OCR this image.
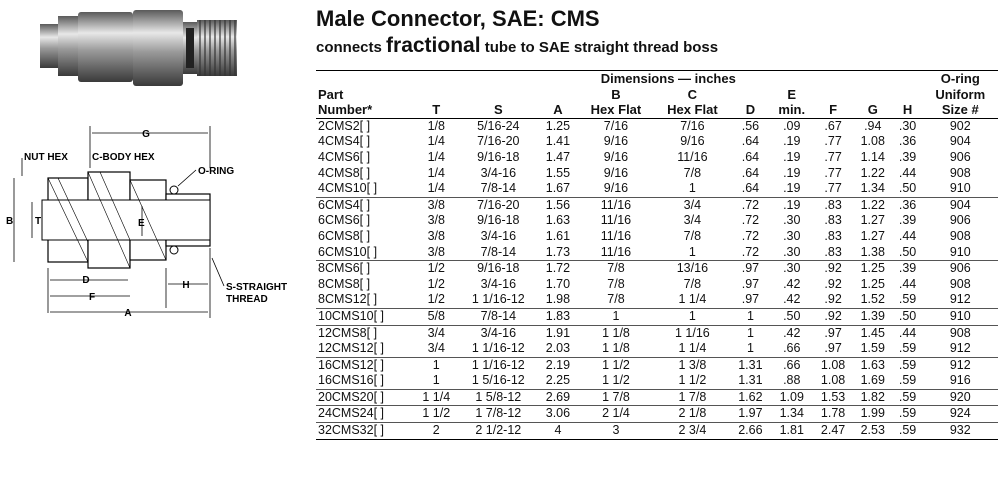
G
NUT HEX C-BODY HEX
O-RING
B T	E
D	H
F
A
S-STRAIGHT
THREAD
Male Connector, SAE: CMS
connects fractional tube to SAE straight thread boss
	Dimensions — inches										O-ring
Part				B	C		E				Uniform
Number*	T	S	A	Hex Flat	Hex Flat	D	min.	F	G	H	Size #
2CMS2[ ]	1/8	5/16-24	1.25	7/16	7/16	.56	.09	.67	.94	.30	902
4CMS4[ ]	1/4	7/16-20	1.41	9/16	9/16	.64	.19	.77	1.08	.36	904
4CMS6[ ]	1/4	9/16-18	1.47	9/16	11/16	.64	.19	.77	1.14	.39	906
4CMS8[ ]	1/4	3/4-16	1.55	9/16	7/8	.64	.19	.77	1.22	.44	908
4CMS10[ ]	1/4	7/8-14	1.67	9/16	1	.64	.19	.77	1.34	.50	910
6CMS4[ ]	3/8	7/16-20	1.56	11/16	3/4	.72	.19	.83	1.22	.36	904
6CMS6[ ]	3/8	9/16-18	1.63	11/16	3/4	.72	.30	.83	1.27	.39	906
6CMS8[ ]	3/8	3/4-16	1.61	11/16	7/8	.72	.30	.83	1.27	.44	908
6CMS10[ ]	3/8	7/8-14	1.73	11/16	1	.72	.30	.83	1.38	.50	910
8CMS6[ ]	1/2	9/16-18	1.72	7/8	13/16	.97	.30	.92	1.25	.39	906
8CMS8[ ]	1/2	3/4-16	1.70	7/8	7/8	.97	.42	.92	1.25	.44	908
8CMS12[ ]	1/2	1 1/16-12	1.98	7/8	1 1/4	.97	.42	.92	1.52	.59	912
10CMS10[ ]	5/8	7/8-14	1.83	1	1	1	.50	.92	1.39	.50	910
12CMS8[ ]	3/4	3/4-16	1.91	1 1/8	1 1/16	1	.42	.97	1.45	.44	908
12CMS12[ ]	3/4	1 1/16-12	2.03	1 1/8	1 1/4	1	.66	.97	1.59	.59	912
16CMS12[ ]	1	1 1/16-12	2.19	1 1/2	1 3/8	1.31	.66	1.08	1.63	.59	912
16CMS16[ ]	1	1 5/16-12	2.25	1 1/2	1 1/2	1.31	.88	1.08	1.69	.59	916
20CMS20[ ]	1 1/4	1 5/8-12	2.69	1 7/8	1 7/8	1.62	1.09	1.53	1.82	.59	920
24CMS24[ ]	1 1/2	1 7/8-12	3.06	2 1/4	2 1/8	1.97	1.34	1.78	1.99	.59	924
32CMS32[ ]	2	2 1/2-12	4	3	2 3/4	2.66	1.81	2.47	2.53	.59	932
